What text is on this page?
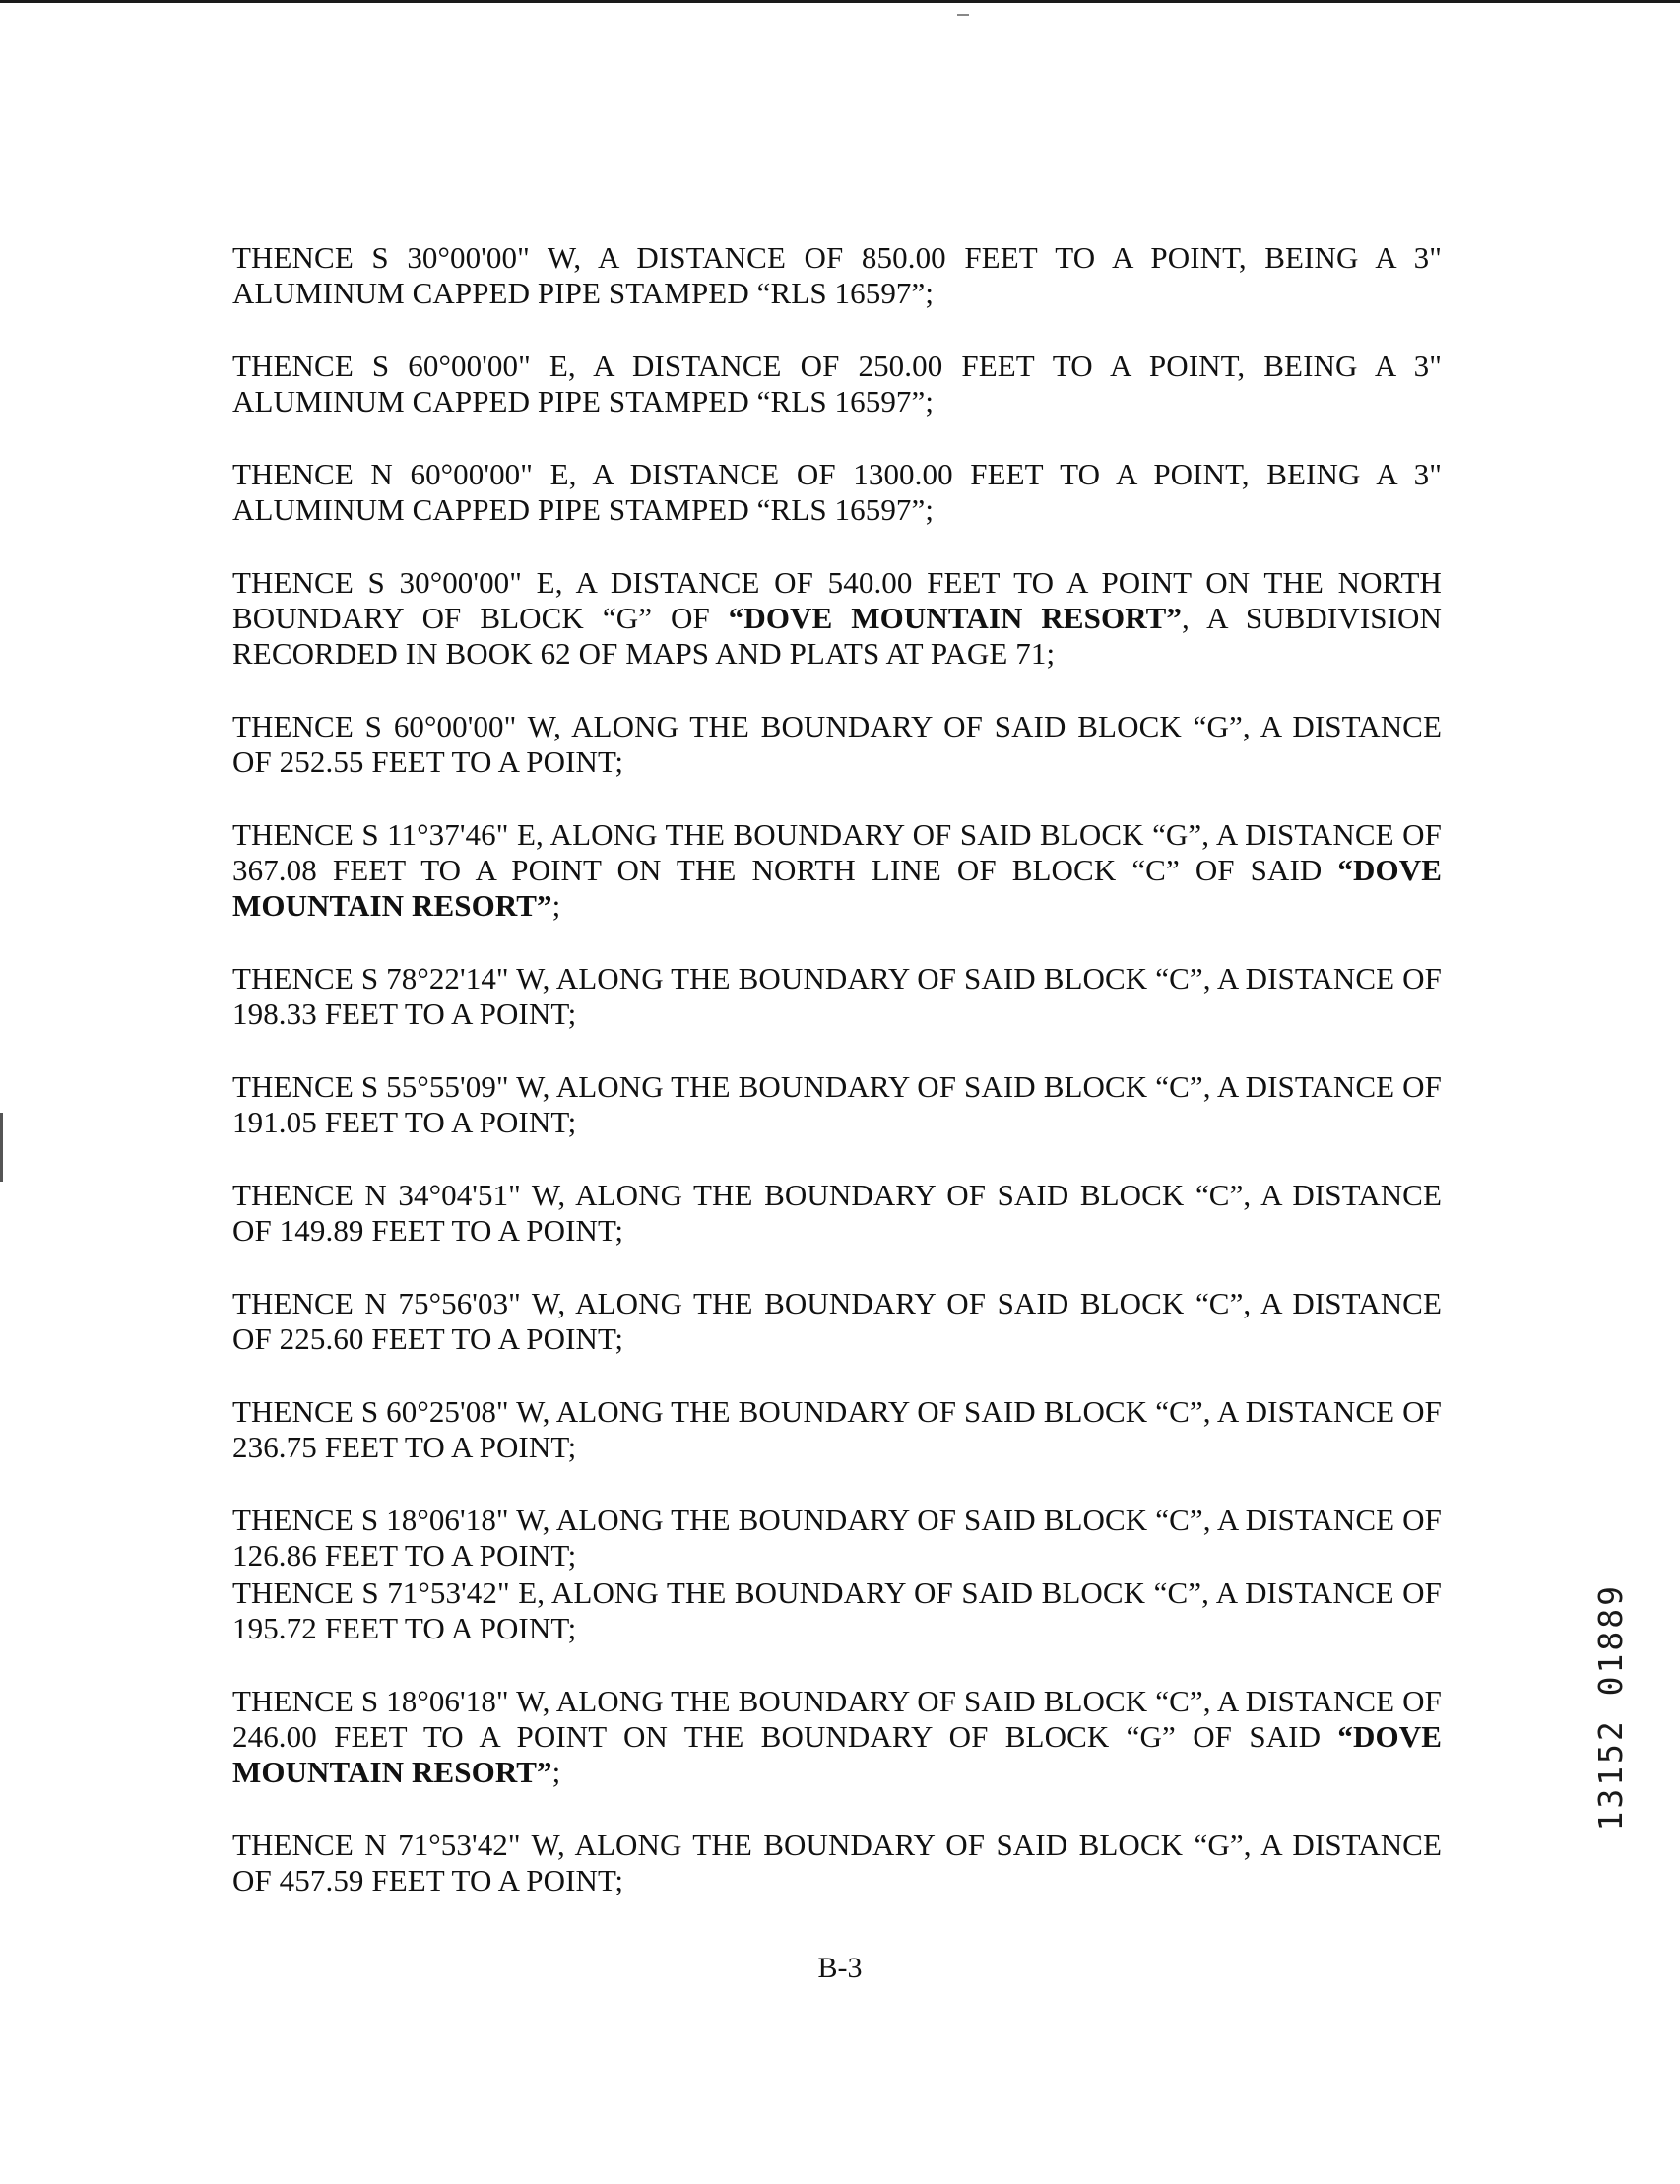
THENCE S 30°00'00" W, A DISTANCE OF 850.00 FEET TO A POINT, BEING A 3" ALUMINUM CAPPED PIPE STAMPED “RLS 16597”;

THENCE S 60°00'00" E, A DISTANCE OF 250.00 FEET TO A POINT, BEING A 3" ALUMINUM CAPPED PIPE STAMPED “RLS 16597”;

THENCE N 60°00'00" E, A DISTANCE OF 1300.00 FEET TO A POINT, BEING A 3" ALUMINUM CAPPED PIPE STAMPED “RLS 16597”;

THENCE S 30°00'00" E, A DISTANCE OF 540.00 FEET TO A POINT ON THE NORTH BOUNDARY OF BLOCK “G” OF “DOVE MOUNTAIN RESORT”, A SUBDIVISION RECORDED IN BOOK 62 OF MAPS AND PLATS AT PAGE 71;

THENCE S 60°00'00" W, ALONG THE BOUNDARY OF SAID BLOCK “G”, A DISTANCE OF 252.55 FEET TO A POINT;

THENCE S 11°37'46" E, ALONG THE BOUNDARY OF SAID BLOCK “G”, A DISTANCE OF 367.08 FEET TO A POINT ON THE NORTH LINE OF BLOCK “C” OF SAID “DOVE MOUNTAIN RESORT”;

THENCE S 78°22'14" W, ALONG THE BOUNDARY OF SAID BLOCK “C”, A DISTANCE OF 198.33 FEET TO A POINT;

THENCE S 55°55'09" W, ALONG THE BOUNDARY OF SAID BLOCK “C”, A DISTANCE OF 191.05 FEET TO A POINT;

THENCE N 34°04'51" W, ALONG THE BOUNDARY OF SAID BLOCK “C”, A DISTANCE OF 149.89 FEET TO A POINT;

THENCE N 75°56'03" W, ALONG THE BOUNDARY OF SAID BLOCK “C”, A DISTANCE OF 225.60 FEET TO A POINT;

THENCE S 60°25'08" W, ALONG THE BOUNDARY OF SAID BLOCK “C”, A DISTANCE OF 236.75 FEET TO A POINT;

THENCE S 18°06'18" W, ALONG THE BOUNDARY OF SAID BLOCK “C”, A DISTANCE OF 126.86 FEET TO A POINT;

THENCE S 71°53'42" E, ALONG THE BOUNDARY OF SAID BLOCK “C”, A DISTANCE OF 195.72 FEET TO A POINT;

THENCE S 18°06'18" W, ALONG THE BOUNDARY OF SAID BLOCK “C”, A DISTANCE OF 246.00 FEET TO A POINT ON THE BOUNDARY OF BLOCK “G” OF SAID “DOVE MOUNTAIN RESORT”;

THENCE N 71°53'42" W, ALONG THE BOUNDARY OF SAID BLOCK “G”, A DISTANCE OF 457.59 FEET TO A POINT;

B-3
13152 01889
